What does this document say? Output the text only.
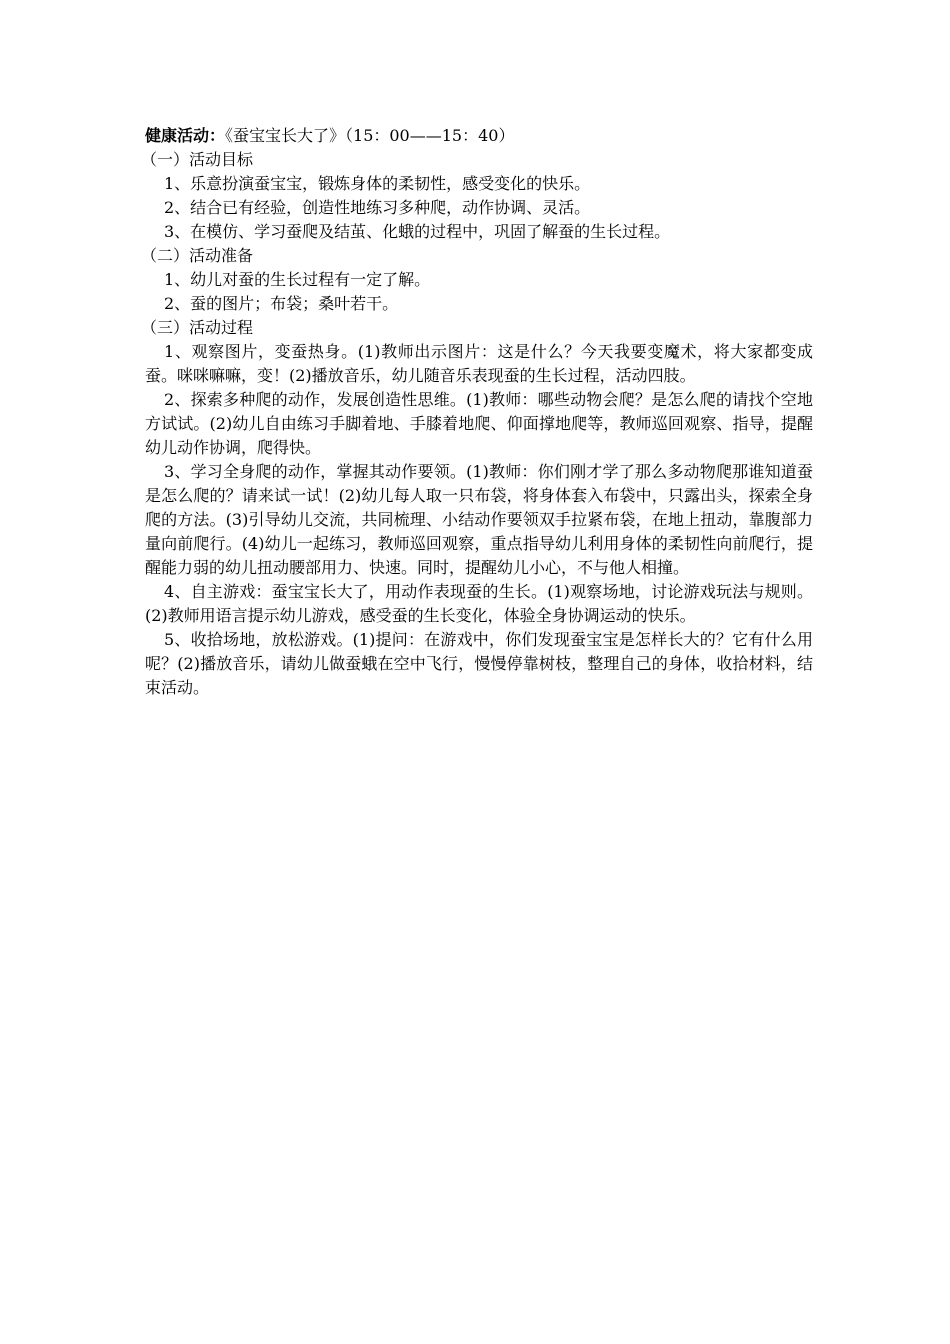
健康活动：《蚕宝宝长大了》（15：00——15：40）
（一）活动目标
1、乐意扮演蚕宝宝，锻炼身体的柔韧性，感受变化的快乐。
2、结合已有经验，创造性地练习多种爬，动作协调、灵活。
3、在模仿、学习蚕爬及结茧、化蛾的过程中，巩固了解蚕的生长过程。
（二）活动准备
1、幼儿对蚕的生长过程有一定了解。
2、蚕的图片；布袋；桑叶若干。
（三）活动过程
1、观察图片，变蚕热身。(1)教师出示图片：这是什么？今天我要变魔术，将大家都变成蚕。咪咪嘛嘛，变！(2)播放音乐，幼儿随音乐表现蚕的生长过程，活动四肢。
2、探索多种爬的动作，发展创造性思维。(1)教师：哪些动物会爬？是怎么爬的请找个空地方试试。(2)幼儿自由练习手脚着地、手膝着地爬、仰面撑地爬等，教师巡回观察、指导，提醒幼儿动作协调，爬得快。
3、学习全身爬的动作，掌握其动作要领。(1)教师：你们刚才学了那么多动物爬那谁知道蚕是怎么爬的？请来试一试！(2)幼儿每人取一只布袋，将身体套入布袋中，只露出头，探索全身爬的方法。(3)引导幼儿交流，共同梳理、小结动作要领双手拉紧布袋，在地上扭动，靠腹部力量向前爬行。(4)幼儿一起练习，教师巡回观察，重点指导幼儿利用身体的柔韧性向前爬行，提醒能力弱的幼儿扭动腰部用力、快速。同时，提醒幼儿小心，不与他人相撞。
4、自主游戏：蚕宝宝长大了，用动作表现蚕的生长。(1)观察场地，讨论游戏玩法与规则。(2)教师用语言提示幼儿游戏，感受蚕的生长变化，体验全身协调运动的快乐。
5、收拾场地，放松游戏。(1)提问：在游戏中，你们发现蚕宝宝是怎样长大的？它有什么用呢？(2)播放音乐，请幼儿做蚕蛾在空中飞行，慢慢停靠树枝，整理自己的身体，收拾材料，结束活动。
